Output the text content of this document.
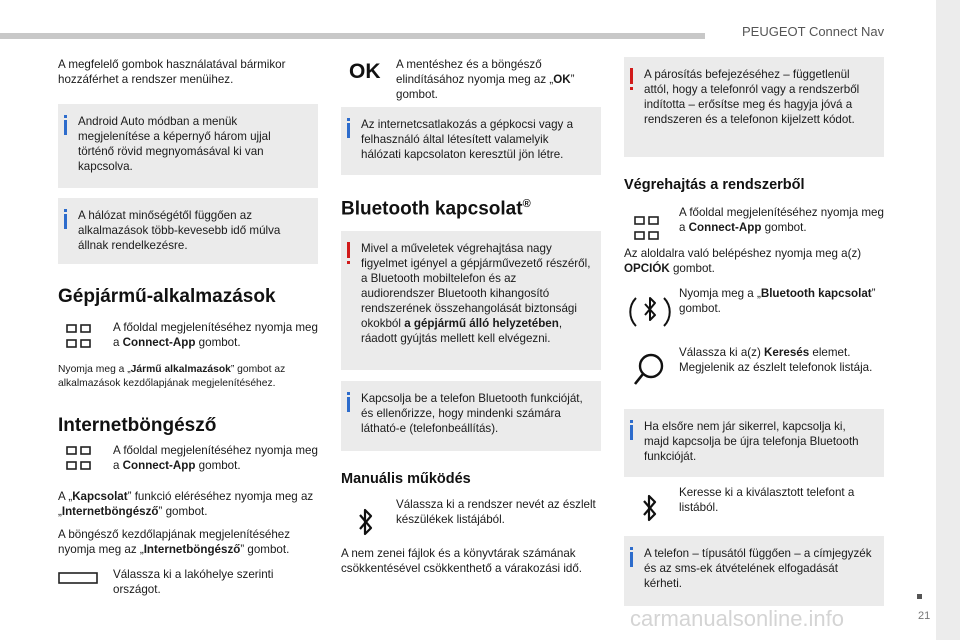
PEUGEOT Connect Nav

A megfelelő gombok használatával bármikor hozzáférhet a rendszer menüihez.

Android Auto módban a menük megjelenítése a képernyő három ujjal történő rövid megnyomásával ki van kapcsolva.
A hálózat minőségétől függően az alkalmazások több-kevesebb idő múlva állnak rendelkezésre.
Gépjármű-alkalmazások

A főoldal megjelenítéséhez nyomja meg a Connect-App gombot.

Nyomja meg a „Jármű alkalmazások” gombot az alkalmazások kezdőlapjának megjelenítéséhez.

Internetböngésző

A főoldal megjelenítéséhez nyomja meg a Connect-App gombot.

A „Kapcsolat” funkció eléréséhez nyomja meg az „Internetböngésző” gombot.

A böngésző kezdőlapjának megjelenítéséhez nyomja meg az „Internetböngésző” gombot.

Válassza ki a lakóhelye szerinti országot.

OK A mentéshez és a böngésző elindításához nyomja meg az „OK” gombot.

Az internetcsatlakozás a gépkocsi vagy a felhasználó által létesített valamelyik hálózati kapcsolaton keresztül jön létre.
Bluetooth kapcsolat®
Mivel a műveletek végrehajtása nagy figyelmet igényel a gépjárművezető részéről, a Bluetooth mobiltelefon és az audiorendszer Bluetooth kihangosító rendszerének összehangolását biztonsági okokból a gépjármű álló helyzetében, ráadott gyújtás mellett kell elvégezni.
Kapcsolja be a telefon Bluetooth funkcióját, és ellenőrizze, hogy mindenki számára látható-e (telefonbeállítás).
Manuális működés

Válassza ki a rendszer nevét az észlelt készülékek listájából.

A nem zenei fájlok és a könyvtárak számának csökkentésével csökkenthető a várakozási idő.

A párosítás befejezéséhez – függetlenül attól, hogy a telefonról vagy a rendszerből indította – erősítse meg és hagyja jóvá a rendszeren és a telefonon kijelzett kódot.
Végrehajtás a rendszerből

A főoldal megjelenítéséhez nyomja meg a Connect-App gombot.

Az aloldalra való belépéshez nyomja meg a(z) OPCIÓK gombot.

Nyomja meg a „Bluetooth kapcsolat” gombot.

Válassza ki a(z) Keresés elemet. Megjelenik az észlelt telefonok listája.

Ha elsőre nem jár sikerrel, kapcsolja ki, majd kapcsolja be újra telefonja Bluetooth funkcióját.

Keresse ki a kiválasztott telefont a listából.

A telefon – típusától függően – a címjegyzék és az sms-ek átvételének elfogadását kérheti.
carmanualsonline.info	21
